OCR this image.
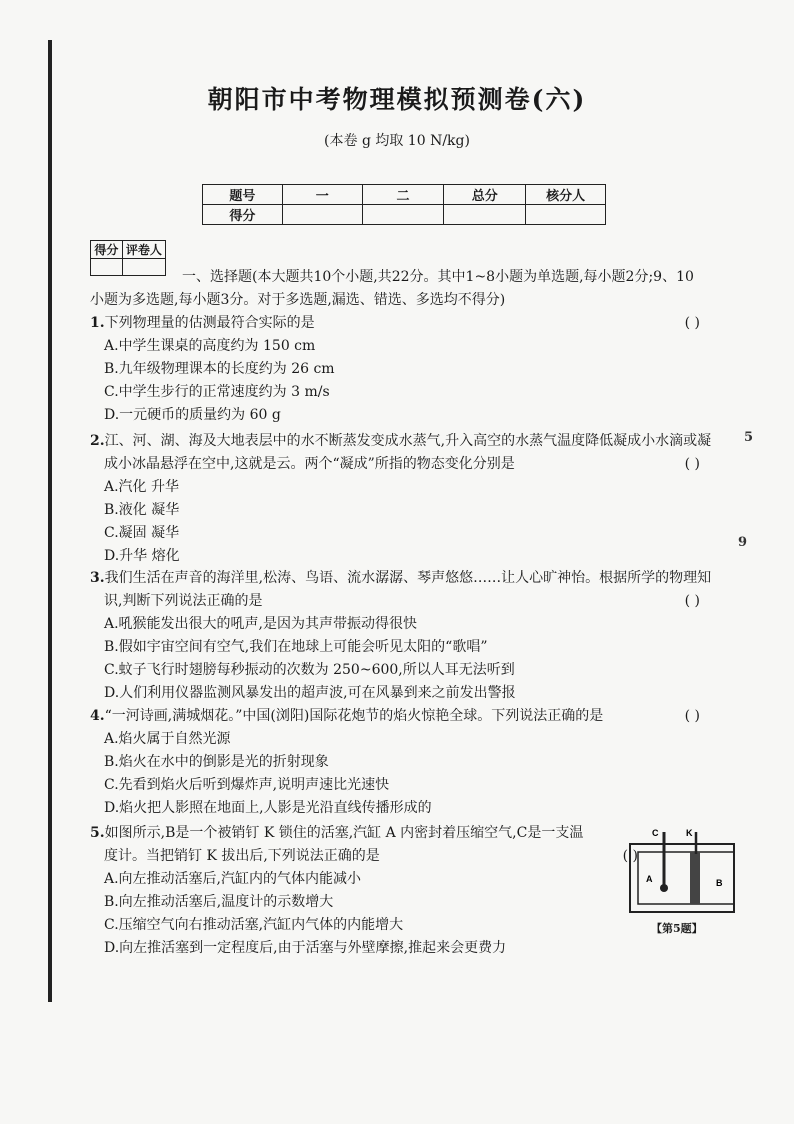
朝阳市中考物理模拟预测卷(六)
(本卷 g 均取 10 N/kg)
题号	一	二	总分	核分人
得分				
得分	评卷人

一、选择题(本大题共10个小题,共22分。其中1~8小题为单选题,每小题2分;9、10
小题为多选题,每小题3分。对于多选题,漏选、错选、多选均不得分)
1.下列物理量的估测最符合实际的是	( )
A.中学生课桌的高度约为 150 cm
B.九年级物理课本的长度约为 26 cm
C.中学生步行的正常速度约为 3 m/s
D.一元硬币的质量约为 60 g
2.江、河、湖、海及大地表层中的水不断蒸发变成水蒸气,升入高空的水蒸气温度降低凝成小水滴或凝
成小冰晶悬浮在空中,这就是云。两个“凝成”所指的物态变化分别是	( )
A.汽化 升华
B.液化 凝华
C.凝固 凝华
D.升华 熔化
3.我们生活在声音的海洋里,松涛、鸟语、流水潺潺、琴声悠悠……让人心旷神怡。根据所学的物理知
识,判断下列说法正确的是	( )
A.吼猴能发出很大的吼声,是因为其声带振动得很快
B.假如宇宙空间有空气,我们在地球上可能会听见太阳的“歌唱”
C.蚊子飞行时翅膀每秒振动的次数为 250~600,所以人耳无法听到
D.人们利用仪器监测风暴发出的超声波,可在风暴到来之前发出警报
4.“一河诗画,满城烟花。”中国(浏阳)国际花炮节的焰火惊艳全球。下列说法正确的是	( )
A.焰火属于自然光源
B.焰火在水中的倒影是光的折射现象
C.先看到焰火后听到爆炸声,说明声速比光速快
D.焰火把人影照在地面上,人影是光沿直线传播形成的
5.如图所示,B是一个被销钉 K 锁住的活塞,汽缸 A 内密封着压缩空气,C是一支温
度计。当把销钉 K 拔出后,下列说法正确的是	( )
A.向左推动活塞后,汽缸内的气体内能减小
B.向左推动活塞后,温度计的示数增大
C.压缩空气向右推动活塞,汽缸内气体的内能增大
D.向左推活塞到一定程度后,由于活塞与外壁摩擦,推起来会更费力
C	K
A	B
【第5题】
5
9
